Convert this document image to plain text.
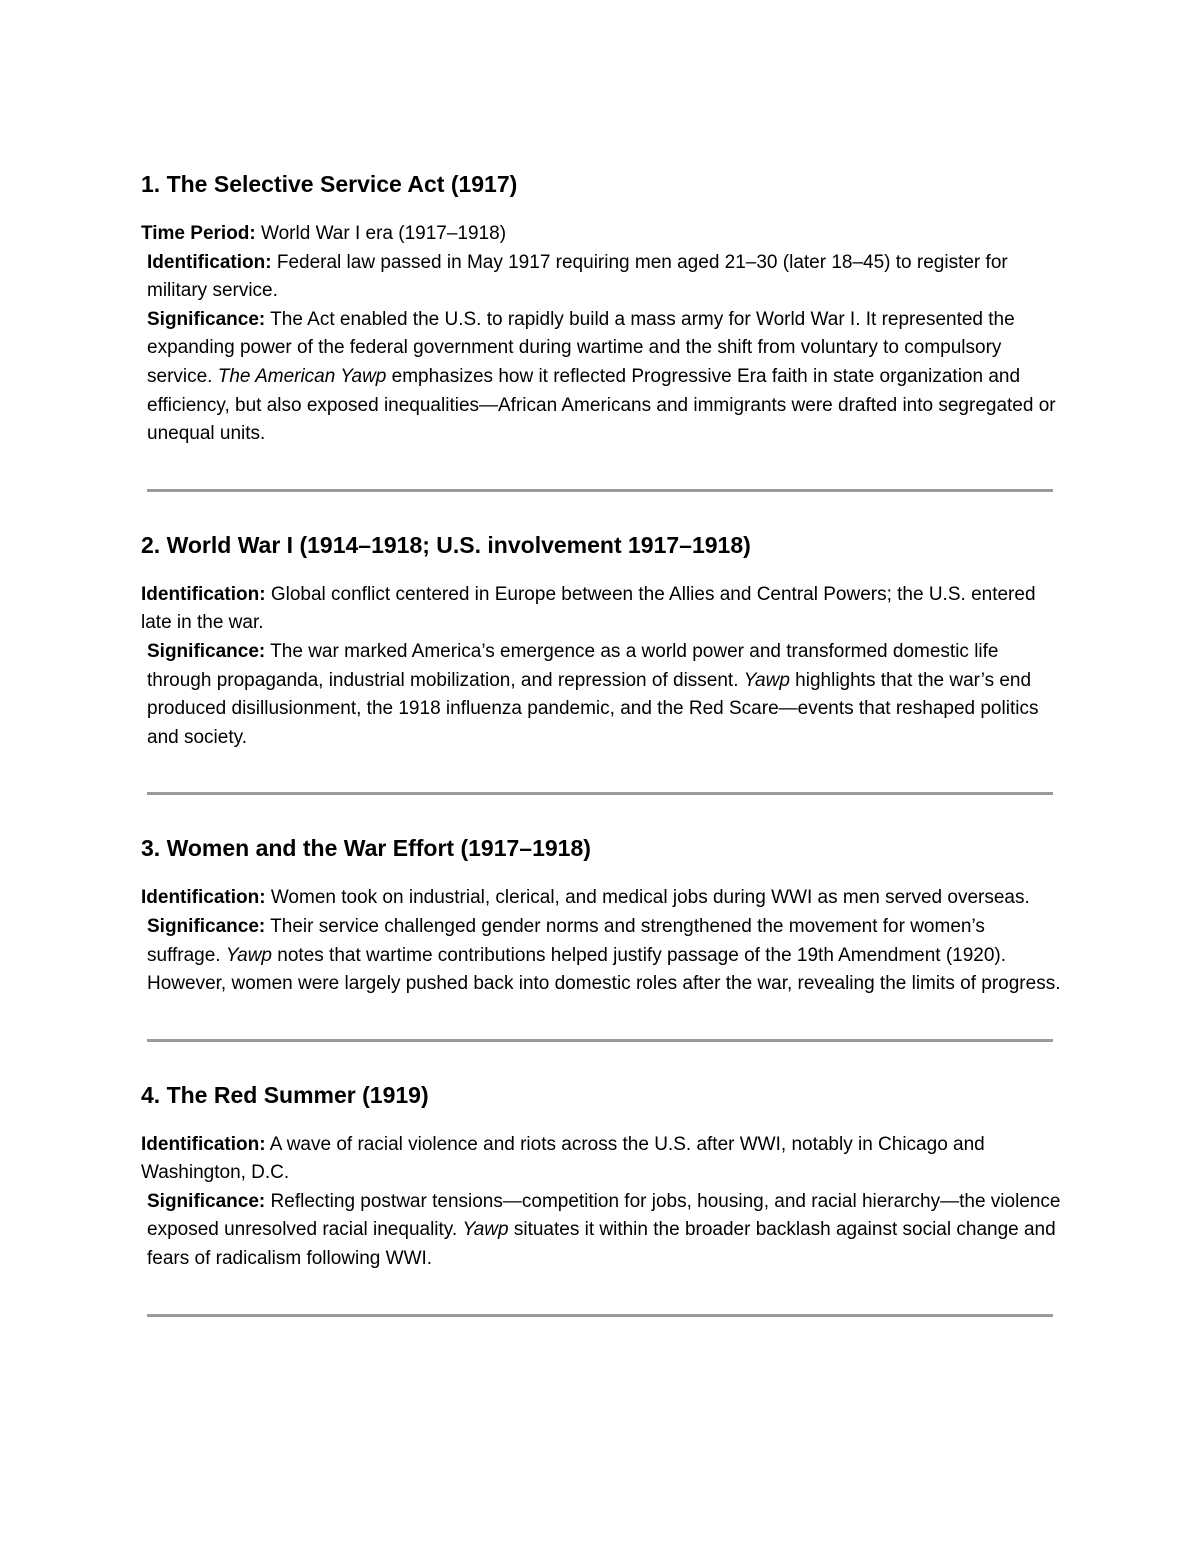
1. The Selective Service Act (1917)

Time Period: World War I era (1917–1918)

Identification: Federal law passed in May 1917 requiring men aged 21–30 (later 18–45) to register for military service.

Significance: The Act enabled the U.S. to rapidly build a mass army for World War I. It represented the expanding power of the federal government during wartime and the shift from voluntary to compulsory service. The American Yawp emphasizes how it reflected Progressive Era faith in state organization and efficiency, but also exposed inequalities—African Americans and immigrants were drafted into segregated or unequal units.

2. World War I (1914–1918; U.S. involvement 1917–1918)

Identification: Global conflict centered in Europe between the Allies and Central Powers; the U.S. entered late in the war.

Significance: The war marked America’s emergence as a world power and transformed domestic life through propaganda, industrial mobilization, and repression of dissent. Yawp highlights that the war’s end produced disillusionment, the 1918 influenza pandemic, and the Red Scare—events that reshaped politics and society.

3. Women and the War Effort (1917–1918)

Identification: Women took on industrial, clerical, and medical jobs during WWI as men served overseas.

Significance: Their service challenged gender norms and strengthened the movement for women’s suffrage. Yawp notes that wartime contributions helped justify passage of the 19th Amendment (1920). However, women were largely pushed back into domestic roles after the war, revealing the limits of progress.

4. The Red Summer (1919)

Identification: A wave of racial violence and riots across the U.S. after WWI, notably in Chicago and Washington, D.C.

Significance: Reflecting postwar tensions—competition for jobs, housing, and racial hierarchy—the violence exposed unresolved racial inequality. Yawp situates it within the broader backlash against social change and fears of radicalism following WWI.
